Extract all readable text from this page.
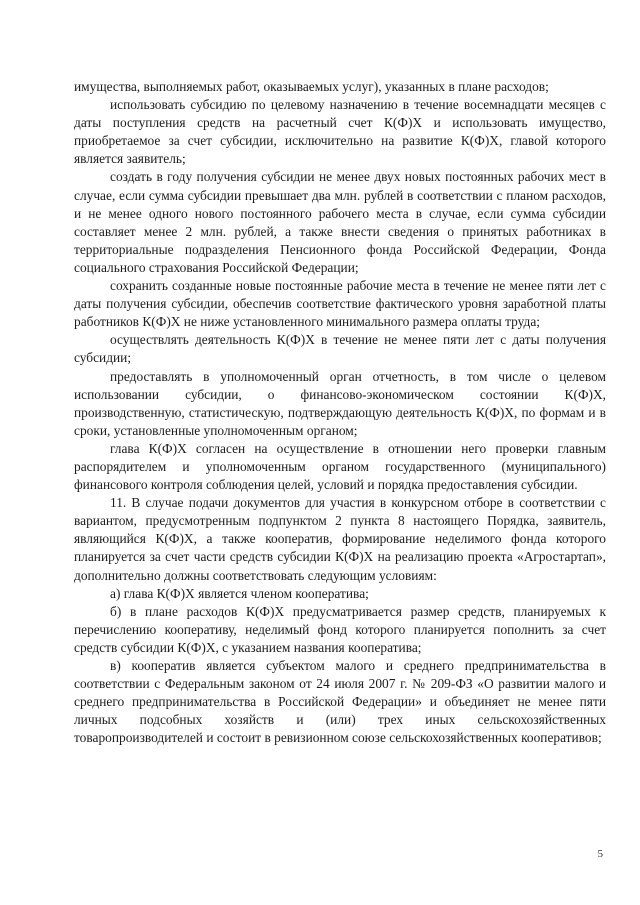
имущества, выполняемых работ, оказываемых услуг), указанных в плане расходов;

использовать субсидию по целевому назначению в течение восемнадцати месяцев с даты поступления средств на расчетный счет К(Ф)Х и использовать имущество, приобретаемое за счет субсидии, исключительно на развитие К(Ф)Х, главой которого является заявитель;

создать в году получения субсидии не менее двух новых постоянных рабочих мест в случае, если сумма субсидии превышает два млн. рублей в соответствии с планом расходов, и не менее одного нового постоянного рабочего места в случае, если сумма субсидии составляет менее 2 млн. рублей, а также внести сведения о принятых работниках в территориальные подразделения Пенсионного фонда Российской Федерации, Фонда социального страхования Российской Федерации;

сохранить созданные новые постоянные рабочие места в течение не менее пяти лет с даты получения субсидии, обеспечив соответствие фактического уровня заработной платы работников К(Ф)Х не ниже установленного минимального размера оплаты труда;

осуществлять деятельность К(Ф)Х в течение не менее пяти лет с даты получения субсидии;

предоставлять в уполномоченный орган отчетность, в том числе о целевом использовании субсидии, о финансово-экономическом состоянии К(Ф)Х, производственную, статистическую, подтверждающую деятельность К(Ф)Х, по формам и в сроки, установленные уполномоченным органом;

глава К(Ф)Х согласен на осуществление в отношении него проверки главным распорядителем и уполномоченным органом государственного (муниципального) финансового контроля соблюдения целей, условий и порядка предоставления субсидии.

11. В случае подачи документов для участия в конкурсном отборе в соответствии с вариантом, предусмотренным подпунктом 2 пункта 8 настоящего Порядка, заявитель, являющийся К(Ф)Х, а также кооператив, формирование неделимого фонда которого планируется за счет части средств субсидии К(Ф)Х на реализацию проекта «Агростартап», дополнительно должны соответствовать следующим условиям:

а) глава К(Ф)Х является членом кооператива;

б) в плане расходов К(Ф)Х предусматривается размер средств, планируемых к перечислению кооперативу, неделимый фонд которого планируется пополнить за счет средств субсидии К(Ф)Х, с указанием названия кооператива;

в) кооператив является субъектом малого и среднего предпринимательства в соответствии с Федеральным законом от 24 июля 2007 г. № 209-ФЗ «О развитии малого и среднего предпринимательства в Российской Федерации» и объединяет не менее пяти личных подсобных хозяйств и (или) трех иных сельскохозяйственных товаропроизводителей и состоит в ревизионном союзе сельскохозяйственных кооперативов;

5
